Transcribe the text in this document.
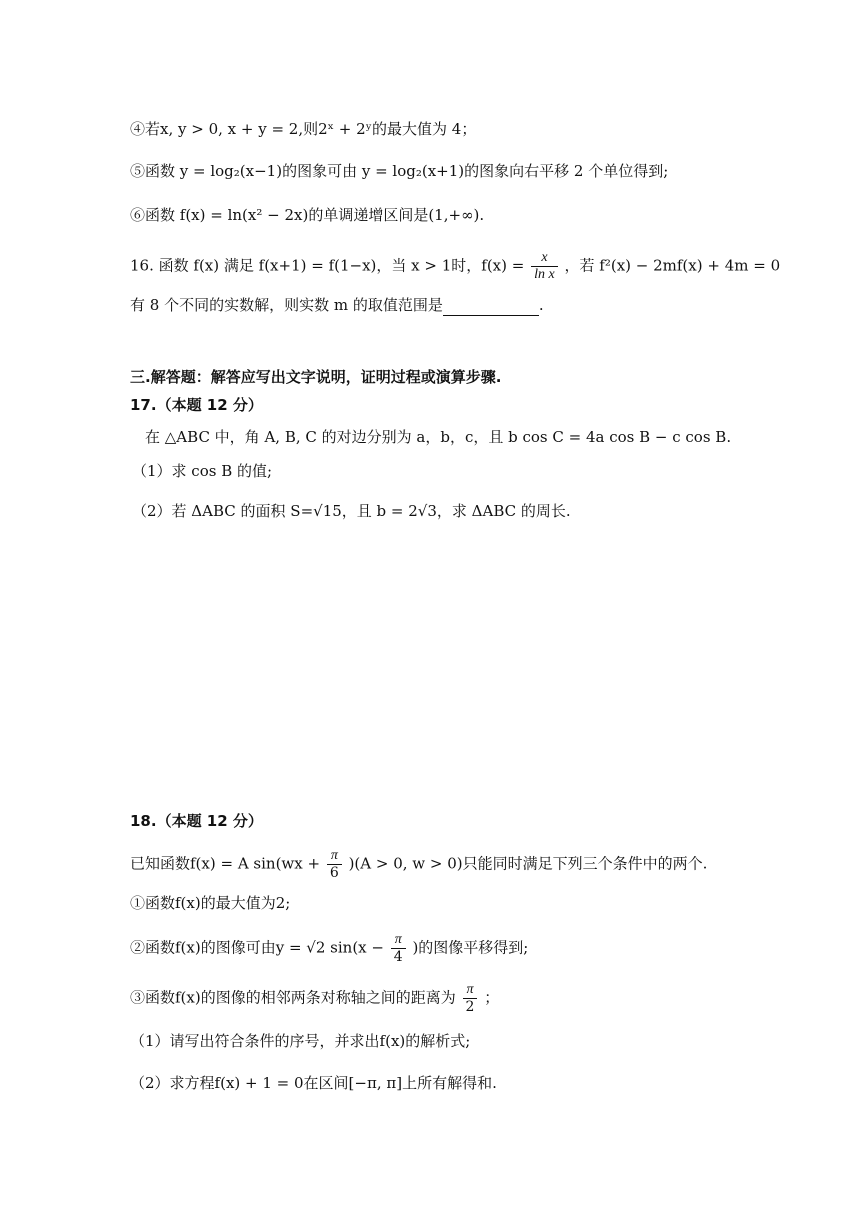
④若x, y > 0, x + y = 2,则2ˣ + 2ʸ的最大值为 4；
⑤函数 y = log₂(x−1)的图象可由 y = log₂(x+1)的图象向右平移 2 个单位得到;
⑥函数 f(x) = ln(x² − 2x)的单调递增区间是(1,+∞).
16. 函数 f(x) 满足 f(x+1) = f(1−x)，当 x > 1时，$f(x) = \frac{x}{\text{ln x}}$ ，若 f²(x) − 2mf(x) + 4m = 0
有 8 个不同的实数解，则实数 m 的取值范围是	.
三.解答题：解答应写出文字说明，证明过程或演算步骤.
17.（本题 12 分）
在 △ABC 中，角 A, B, C 的对边分别为 a，b，c，且 b cos C = 4a cos B − c cos B.
（1）求 cos B 的值;
（2）若 ΔABC 的面积 S=√15，且 b = 2√3，求 ΔABC 的周长.
18.（本题 12 分）
已知函数f(x) = A $\sin(wx + \frac{\pi}{6} )(A > 0$, w > 0)只能同时满足下列三个条件中的两个.
①函数f(x)的最大值为2;
②函数f(x)的图像可由y = √2 $\sin(x - \frac{\pi}{4}$ )的图像平移得到;
③函数f(x)的图像的相邻两条对称轴之间的距离为 $\frac{\pi}{2}$ ；
（1）请写出符合条件的序号，并求出f(x)的解析式;
（2）求方程f(x) + 1 = 0在区间[−π, π]上所有解得和.
